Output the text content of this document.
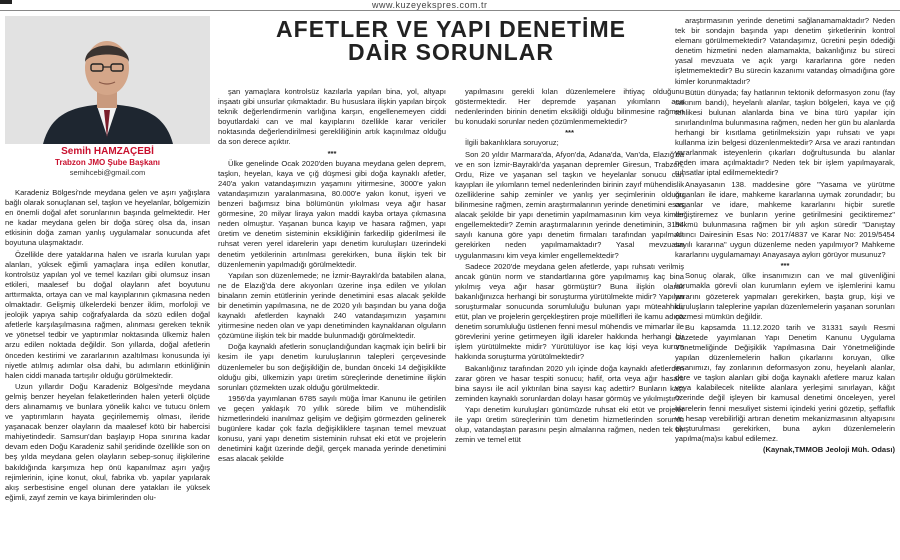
www.kuzeyekspres.com.tr
Semih HAMZAÇEBİ
Trabzon JMO Şube Başkanı
semihcebi@gmail.com
AFETLER VE YAPI DENETİME
DAİR SORUNLAR

Karadeniz Bölgesi'nde meydana gelen ve aşırı yağışlara bağlı olarak sonuçlanan sel, taşkın ve heyelanlar, bölgemizin en önemli doğal afet sorunlarının başında gelmektedir. Her ne kadar meydana gelen bir doğa süreç olsa da, insan etkisinin doğa zaman yanlış uygulamalar sonucunda afet boyutuna ulaşmaktadır.

Özellikle dere yataklarına halen ve ısrarla kurulan yapı alanları, yüksek eğimli yamaçlara inşa edilen konutlar, kontrolsüz yapılan yol ve temel kazıları gibi olumsuz insan etkileri, maalesef bu doğal olayların afet boyutunu arttırmakta, ortaya can ve mal kayıplarının çıkmasına neden olmaktadır. Gelişmiş ülkelerdeki benzer iklim, morfoloji ve jeolojik yapıya sahip coğrafyalarda da sözü edilen doğal afetlerle karşılaşılmasına rağmen, alınması gereken teknik ve yönetsel tedbir ve yaptırımlar noktasında ülkemiz halen arzu edilen noktada değildir. Son yıllarda, doğal afetlerin önceden kestirimi ve zararlarının azaltılması konusunda iyi niyetle atılmış adımlar olsa dahi, bu adımların etkinliğinin halen ciddi manada tartışılır olduğu görülmektedir.

Uzun yıllardır Doğu Karadeniz Bölgesi'nde meydana gelmiş benzer heyelan felaketlerinden halen yeterli ölçüde ders alınamamış ve bunlara yönelik kalıcı ve tutucu önlem ve yaptırımların hayata geçirilememiş olması, ileride yaşanacak benzer olayların da maalesef kötü bir habercisi mahiyetindedir. Samsun'dan başlayıp Hopa sınırına kadar devam eden Doğu Karadeniz sahil şeridinde özellikle son on beş yılda meydana gelen olayların sebep-sonuç ilişkilerine bakıldığında karşımıza hep önü kapanılmaz aşırı yağış rejimlerinin, içine konut, okul, fabrika vb. yapılar yapılarak akış serbestisine engel olunan dere yatakları ile yüksek eğimli, zayıf zemin ve kaya birimlerinden olu-

şan yamaçlara kontrolsüz kazılarla yapılan bina, yol, altyapı inşaatı gibi unsurlar çıkmaktadır. Bu hususlara ilişkin yapılan birçok teknik değerlendirmenin varlığına karşın, engellenemeyen ciddi boyutlardaki can ve mal kayıplarını özellikle karar vericiler noktasında değerlendirilmesi gerekliliğinin artık kaçınılmaz olduğu da son derece açıktır.

***

Ülke genelinde Ocak 2020'den buyana meydana gelen deprem, taşkın, heyelan, kaya ve çığ düşmesi gibi doğa kaynaklı afetler, 240'a yakın vatandaşımızın yaşamını yitirmesine, 3000'e yakın vatandaşımızın yaralanmasına, 80.000'e yakın konut, işyeri ve benzeri bağımsız bina bölümünün yıkılması veya ağır hasar görmesine, 20 milyar liraya yakın maddi kayba ortaya çıkmasına neden olmuştur. Yaşanan bunca kayıp ve hasara rağmen, yapı üretim ve denetim sisteminin eksikliğinin farkedilip giderilmesi ile ruhsat veren yerel idarelerin yapı denetim kuruluşları üzerindeki denetim yetkilerinin artırılması gerekirken, buna ilişkin tek bir düzenlemenin yapılmadığı görülmektedir.

Yapılan son düzenlemede; ne İzmir-Bayraklı'da batabilen alana, ne de Elazığ'da dere akıyonları üzerine inşa edilen ve yıkılan binaların zemin etütlerinin yerinde denetimini esas alacak şekilde bir denetimin yapılmasına, ne de 2020 yılı başından bu yana doğa kaynaklı afetlerden kaynaklı 240 vatandaşımızın yaşamını yitirmesine neden olan ve yapı denetiminden kaynaklanan olguların çözümüne ilişkin tek bir madde bulunmadığı görülmektedir.

Doğa kaynaklı afetlerin sonuçlandığundan kaçmak için belirli bir kesim ile yapı denetim kuruluşlarının talepleri çerçevesinde düzenlemeler bu son değişikliğin de, bundan önceki 14 değişiklikte olduğu gibi, ülkemizin yapı üretim süreçlerinde denetimine ilişkin sorunları çözmekten uzak olduğu görülmektedir.

1956'da yayımlanan 6785 sayılı müğa İmar Kanunu ile getirilen ve geçen yaklaşık 70 yıllık sürede bilim ve mühendislik hizmetlerindeki inanılmaz gelişim ve değişim görmezden gelinerek bugünlere kadar çok fazla değişikliklere taşınan temel mevzuat konusu, yani yapı denetim sisteminin ruhsat eki etüt ve projelerin denetimini kağıt üzerinde değil, gerçek manada yerinde denetimini esas alacak şekilde

yapılmasını gerekli kılan düzenlemelere ihtiyaç olduğunu göstermektedir. Her depremde yaşanan yıkımların ana nedenlerinden birinin denetim eksikliği olduğu bilinmesine rağmen bu konudaki sorunlar neden çözümlenmemektedir?

***

İlgili bakanlıklara soruyoruz;

Son 20 yıldır Marmara'da, Afyon'da, Adana'da, Van'da, Elazığ'da ve en son İzmir-Bayraklı'da yaşanan depremler Giresun, Trabzon, Ordu, Rize ve yaşanan sel taşkın ve heyelanlar sonucu can kayıpları ile yıkımların temel nedenlerinden birinin zayıf mühendislik özelliklerine sahip zeminler ve yanlış yer seçimlerinin olduğu bilinmesine rağmen, zemin araştırmalarının yerinde denetimini esas alacak şekilde bir yapı denetimin yapılmamasının kim veya kimler engellemektedir? Zemin araştırmalarının yerinde denetiminin, 3194 sayılı kanuna göre yapı denetim firmaları tarafından yapılması gerekirken neden yapılmamaktadır? Yasal mevzuatın uygulanmasını kim veya kimler engellemektedir?

Sadece 2020'de meydana gelen afetlerde, yapı ruhsatı verilmiş ancak günün norm ve standartlarına göre yapılmamış kaç bina yıkılmış veya ağır hasar görmüştür? Buna ilişkin olarak bakanlığınızca herhangi bir soruşturma yürütülmekte midir? Yapılan soruşturmalar sonucunda sorumluluğu bulunan yapı müteahhidi, etüt, plan ve projelerin gerçekleştiren proje müellifleri ile kamu adına denetim sorumluluğu üstlenen fenni mesul mühendis ve mimarlar ile görevlerini yerine getirmeyen ilgili idareler hakkında herhangi bir işlem yürütülmekte midir? Yürütülüyor ise kaç kişi veya kurum hakkında soruşturma yürütülmektedir?

Bakanlığınız tarafından 2020 yılı içinde doğa kaynaklı afetlerden zarar gören ve hasar tespiti sonucu; hafif, orta veya ağır hasarlı bina sayısı ile acil yıktırılan bina sayısı kaç adettir? Bunların kaçı zeminden kaynaklı sorunlardan dolayı hasar görmüş ve yıkılmıştır?

Yapı denetim kuruluşları günümüzde ruhsat eki etüt ve projeler ile yapı üretim süreçlerinin tüm denetim hizmetlerinden sorumlu olup, vatandaştan parasını peşin almalarına rağmen, neden tek bir zemin ve temel etüt

araştırmasının yerinde denetimi sağlanamamaktadır? Neden tek bir sondajın başında yapı denetim şirketlerinin kontrol elemanı görülmemektedir? Vatandaşımız, ücretini peşin ödediği denetim hizmetini neden alamamakta, bakanlığınız bu süreci yasal mevzuata ve açık yargı kararlarına göre neden işletmemektedir? Bu sürecin kazanımı vatandaş olmadığına göre kimler korunmaktadır?

Bütün dünyada; fay hatlarının tektonik deformasyon zonu (fay sakınım bandı), heyelanlı alanlar, taşkın bölgeleri, kaya ve çığ tehlikesi bulunan alanlarda bina ve bina türü yapılar için sınırlandırılma bulunmasına rağmen, neden her gün bu alanlarda herhangi bir kısıtlama getirilmeksizin yapı ruhsatı ve yapı kullanma izin belgesi düzenlenmektedir? Arsa ve arazi rantından yararlanmak isteyenlerin çıkarları doğrultusunda bu alanlar neden imara açılmaktadır? Neden tek bir işlem yapılmayarak, ruhsatlar iptal edilmemektedir?

Anayasanın 138. maddesine göre "Yasama ve yürütme organları ile idare, mahkeme kararlarına uymak zorundadır; bu organlar ve idare, mahkeme kararlarını hiçbir suretle değiştiremez ve bunların yerine getirilmesini geciktiremez" hükmü bulunmasına rağmen bir yılı aşkın süredir "Danıştay Altıncı Dairesinin Esas No: 2017/4837 ve Karar No: 2019/5454 sayılı kararına" uygun düzenleme neden yapılmıyor? Mahkeme kararlarını uygulamamayı Anayasaya aykırı görüyor musunuz?

***

Sonuç olarak, ülke insanımızın can ve mal güvenliğini korumakla görevli olan kurumların eylem ve işlemlerini kamu yararını gözeterek yapmaları gerekirken, başta grup, kişi ve kuruluşların taleplerine yapılan düzenlemelerin yaşanan sorunları çözmesi mümkün değildir.

Bu kapsamda 11.12.2020 tarih ve 31331 sayılı Resmi Gazetede yayımlanan Yapı Denetim Kanunu Uygulama Yönetmeliğinde Değişiklik Yapılmasına Dair Yönetmeliğinde yapılan düzenlemelerin halkın çıkarlarını koruyan, ülke insanımızı, fay zonlarının deformasyon zonu, heyelanlı alanlar, dere ve taşkın alanları gibi doğa kaynaklı afetlere maruz kalan veya kalabilecek nitelikte alanlara yerleşimi sınırlayan, kâğıt üzerinde değil işleyen bir kamusal denetimi önceleyen, yerel idarelerin fenni mesuliyet sistemi içindeki yerini gözetip, şeffaflık ve hesap verebilirliği artıran denetim mekanizmasının altyapısını oluşturulması gerekirken, buna aykırı düzenlemelerin yapılma(ma)sı kabul edilemez.

(Kaynak,TMMOB Jeoloji Müh. Odası)
